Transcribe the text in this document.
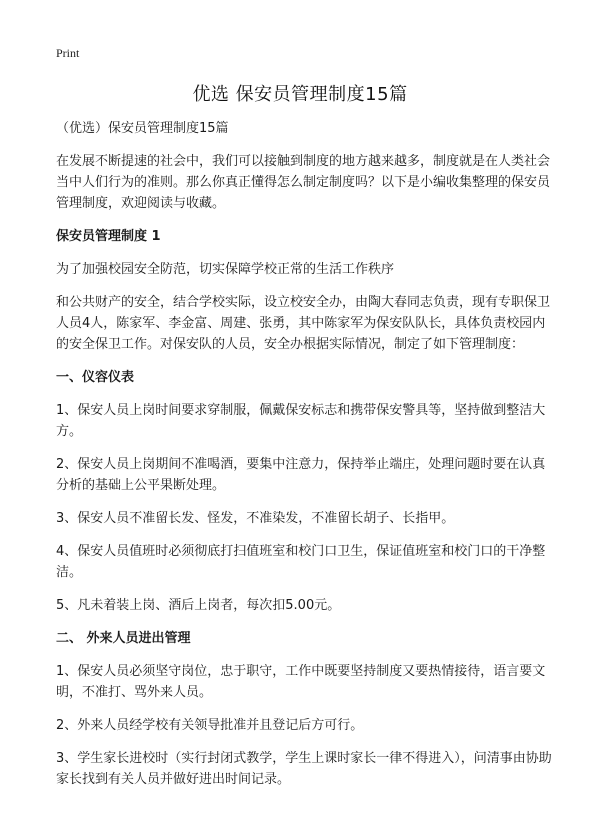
Print
优选 保安员管理制度15篇

（优选）保安员管理制度15篇

在发展不断提速的社会中，我们可以接触到制度的地方越来越多，制度就是在人类社会当中人们行为的准则。那么你真正懂得怎么制定制度吗？以下是小编收集整理的保安员管理制度，欢迎阅读与收藏。

保安员管理制度 1

为了加强校园安全防范，切实保障学校正常的生活工作秩序

和公共财产的安全，结合学校实际，设立校安全办，由陶大春同志负责，现有专职保卫人员4人，陈家军、李金富、周建、张勇，其中陈家军为保安队队长，具体负责校园内的安全保卫工作。对保安队的人员，安全办根据实际情况，制定了如下管理制度：

一、仪容仪表

1、保安人员上岗时间要求穿制服，佩戴保安标志和携带保安警具等，坚持做到整洁大方。

2、保安人员上岗期间不准喝酒，要集中注意力，保持举止端庄，处理问题时要在认真分析的基础上公平果断处理。

3、保安人员不准留长发、怪发，不准染发，不准留长胡子、长指甲。

4、保安人员值班时必须彻底打扫值班室和校门口卫生，保证值班室和校门口的干净整洁。

5、凡未着装上岗、酒后上岗者，每次扣5.00元。

二、 外来人员进出管理

1、保安人员必须坚守岗位，忠于职守，工作中既要坚持制度又要热情接待，语言要文明，不准打、骂外来人员。

2、外来人员经学校有关领导批准并且登记后方可行。

3、学生家长进校时（实行封闭式教学，学生上课时家长一律不得进入），问清事由协助家长找到有关人员并做好进出时间记录。
